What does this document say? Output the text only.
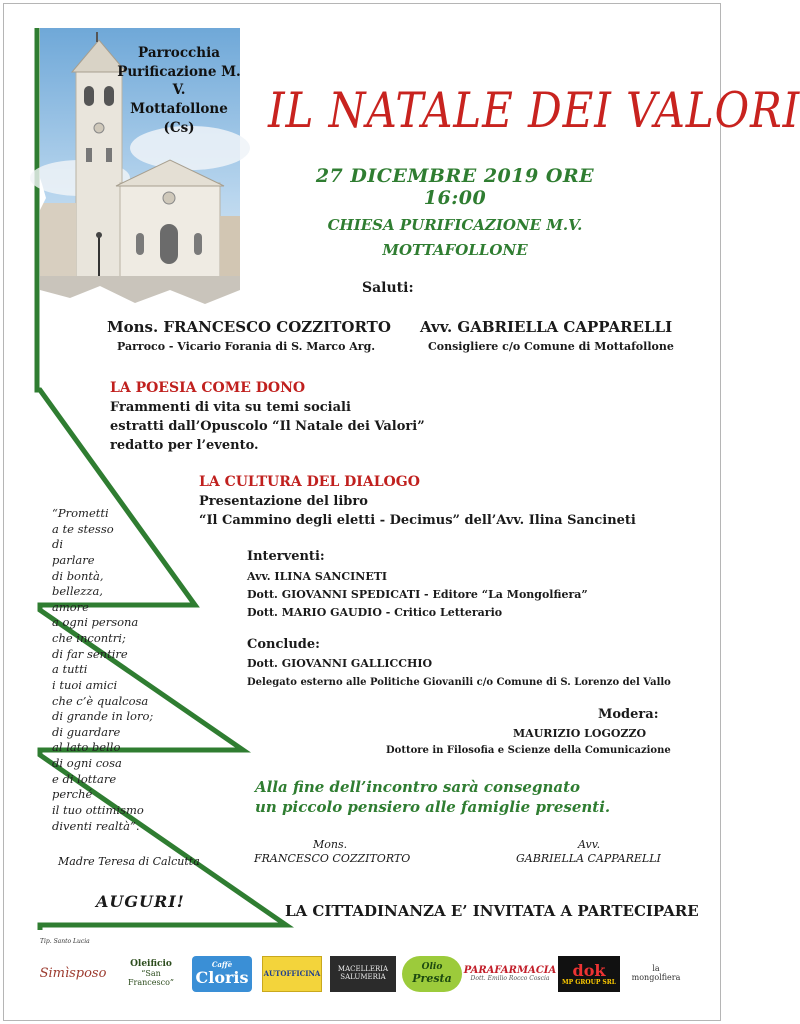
Parrocchia
Purificazione M. V.
Mottafollone (Cs)	IL NATALE DEI VALORI
27 DICEMBRE 2019 ORE 16:00
CHIESA PURIFICAZIONE M.V.
MOTTAFOLLONE
Saluti:
Mons. FRANCESCO COZZITORTO
Parroco - Vicario Forania di S. Marco Arg.
Avv. GABRIELLA CAPPARELLI
Consigliere c/o Comune di Mottafollone
LA POESIA COME DONO
Frammenti di vita su temi sociali
estratti dall’Opuscolo “Il Natale dei Valori”
redatto per l’evento.
LA CULTURA DEL DIALOGO
Presentazione del libro
“Il Cammino degli eletti - Decimus” dell’Avv. Ilina Sancineti
Interventi:
Avv. ILINA SANCINETI
Dott. GIOVANNI SPEDICATI - Editore “La Mongolfiera”
Dott. MARIO GAUDIO - Critico Letterario
Conclude:
Dott. GIOVANNI GALLICCHIO
Delegato esterno alle Politiche Giovanili c/o Comune di S. Lorenzo del Vallo
Modera:
MAURIZIO LOGOZZO
Dottore in Filosofia e Scienze della Comunicazione
Alla fine dell’incontro sarà consegnato
un piccolo pensiero alle famiglie presenti.
Mons.
FRANCESCO COZZITORTO
Avv.
GABRIELLA CAPPARELLI
LA CITTADINANZA E’ INVITATA A PARTECIPARE
“Prometti
a te stesso
di
parlare
di bontà,
bellezza,
amore
a ogni persona
che incontri;
di far sentire
a tutti
i tuoi amici
che c’è qualcosa
di grande in loro;
di guardare
al lato bello
di ogni cosa
e di lottare
perché
il tuo ottimismo
diventi realtà”.
Madre Teresa di Calcutta
AUGURI!
Tip. Santo Lucia
Simìsposo
Oleificio
“San Francesco”
Caffè
Cloris AUTOFFICINA	MACELLERIA
SALUMERIA
Olio
Presta
PARAFARMACIA
Dott. Emilio Rocco Coscia dok
MP GROUP SRL
la
mongolfiera
